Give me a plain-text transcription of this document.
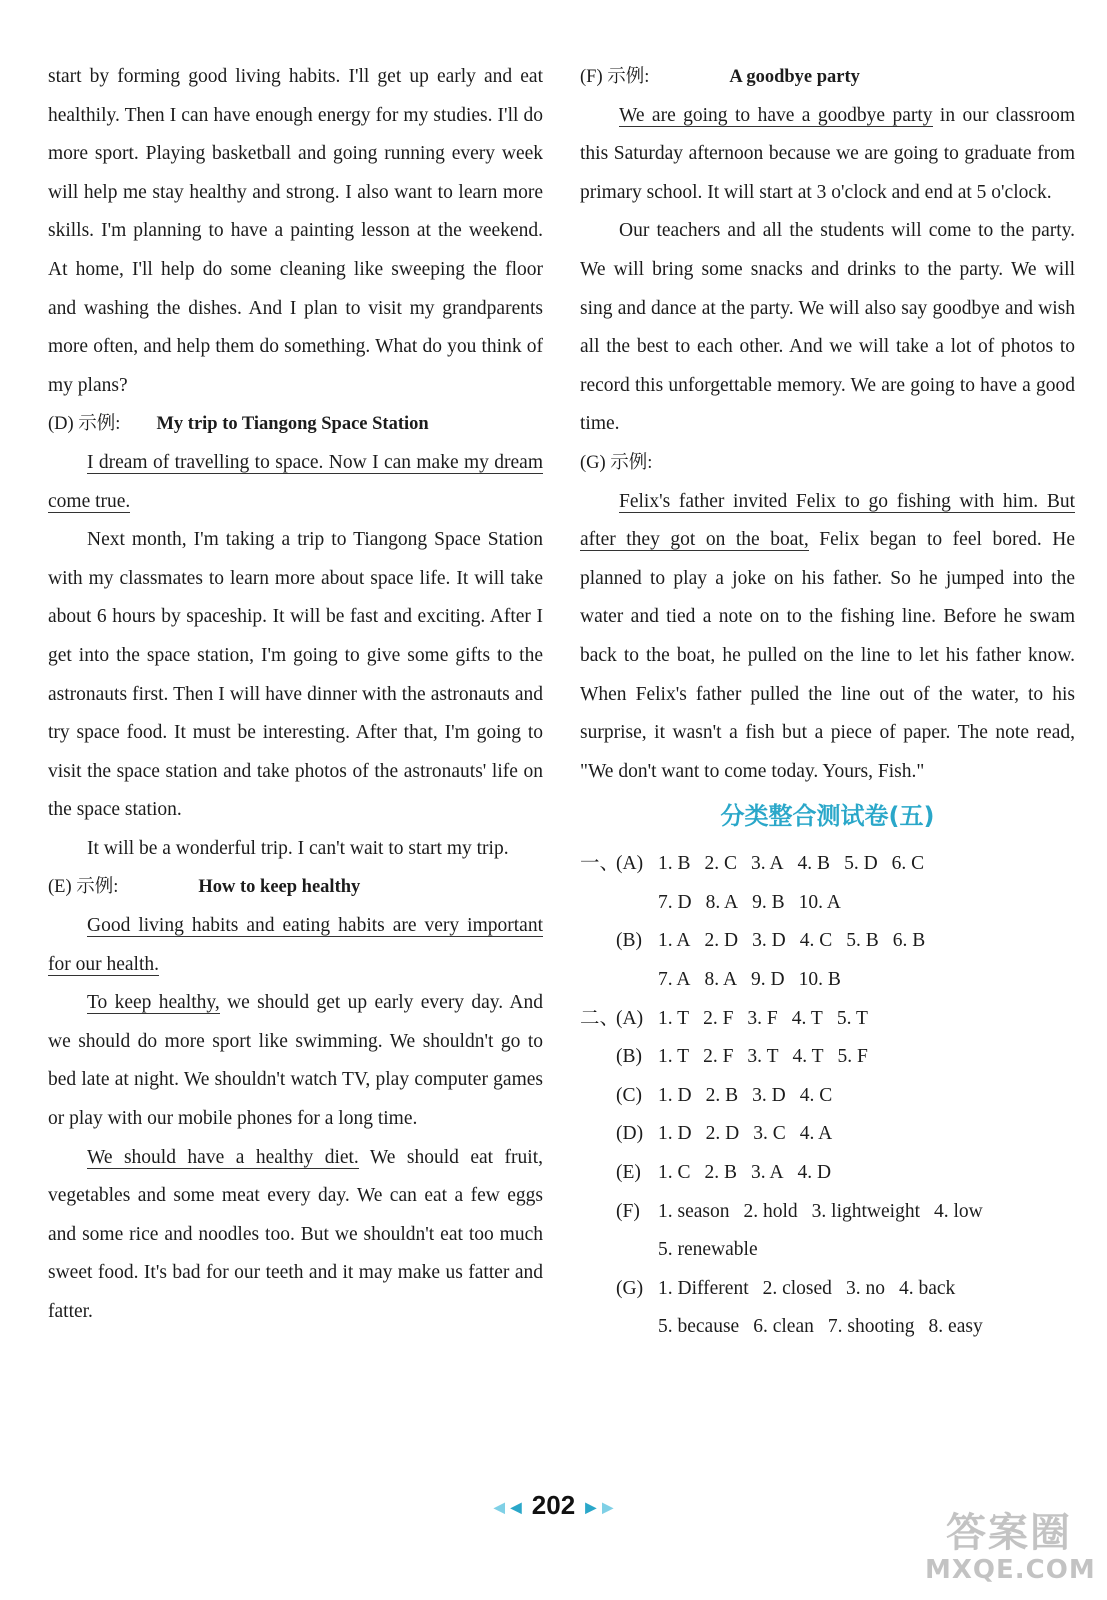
start by forming good living habits. I'll get up early and eat healthily. Then I can have enough energy for my studies. I'll do more sport. Playing basketball and going running every week will help me stay healthy and strong. I also want to learn more skills. I'm planning to have a painting lesson at the weekend. At home, I'll help do some cleaning like sweeping the floor and washing the dishes. And I plan to visit my grandparents more often, and help them do something. What do you think of my plans?

(D) 示例: My trip to Tiangong Space Station

I dream of travelling to space. Now I can make my dream come true.

Next month, I'm taking a trip to Tiangong Space Station with my classmates to learn more about space life. It will take about 6 hours by spaceship. It will be fast and exciting. After I get into the space station, I'm going to give some gifts to the astronauts first. Then I will have dinner with the astronauts and try space food. It must be interesting. After that, I'm going to visit the space station and take photos of the astronauts' life on the space station.

It will be a wonderful trip. I can't wait to start my trip.

(E) 示例:	How to keep healthy

Good living habits and eating habits are very important for our health.

To keep healthy, we should get up early every day. And we should do more sport like swimming. We shouldn't go to bed late at night. We shouldn't watch TV, play computer games or play with our mobile phones for a long time.

We should have a healthy diet. We should eat fruit, vegetables and some meat every day. We can eat a few eggs and some rice and noodles too. But we shouldn't eat too much sweet food. It's bad for our teeth and it may make us fatter and fatter.

(F) 示例:	A goodbye party

We are going to have a goodbye party in our classroom this Saturday afternoon because we are going to graduate from primary school. It will start at 3 o'clock and end at 5 o'clock.

Our teachers and all the students will come to the party. We will bring some snacks and drinks to the party. We will sing and dance at the party. We will also say goodbye and wish all the best to each other. And we will take a lot of photos to record this unforgettable memory. We are going to have a good time.

(G) 示例:

Felix's father invited Felix to go fishing with him. But after they got on the boat, Felix began to feel bored. He planned to play a joke on his father. So he jumped into the water and tied a note on to the fishing line. Before he swam back to the boat, he pulled on the line to let his father know. When Felix's father pulled the line out of the water, to his surprise, it wasn't a fish but a piece of paper. The note read, "We don't want to come today. Yours, Fish."

分类整合测试卷(五)
一、(A) 1. B 2. C 3. A 4. B 5. D 6. C
7. D 8. A 9. B 10. A
(B) 1. A 2. D 3. D 4. C 5. B 6. B
7. A 8. A 9. D 10. B
二、(A) 1. T 2. F 3. F 4. T 5. T
(B) 1. T 2. F 3. T 4. T 5. F
(C) 1. D 2. B 3. D 4. C
(D) 1. D 2. D 3. C 4. A
(E) 1. C 2. B 3. A 4. D
(F) 1. season 2. hold 3. lightweight 4. low
5. renewable
(G) 1. Different 2. closed 3. no 4. back
5. because 6. clean 7. shooting 8. easy
◀ ◀ 202 ▶ ▶
答案圈
MXQE.COM
